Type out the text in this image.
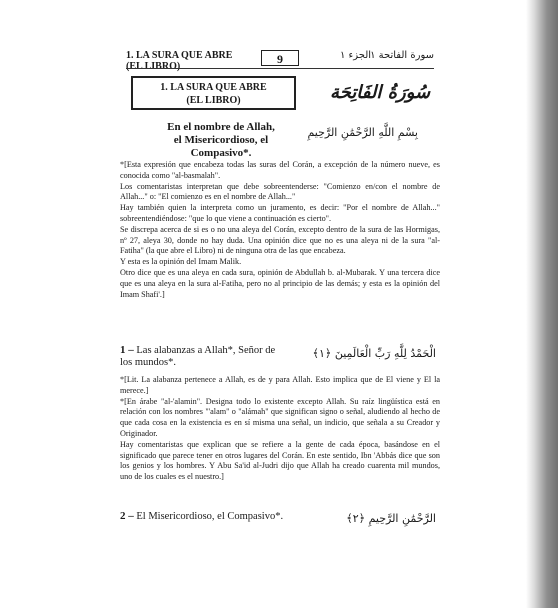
1. LA SURA QUE ABRE
(EL LIBRO)
9	الجزء ١ سورة الفاتحة ١
1. LA SURA QUE ABRE
(EL LIBRO)	سُورَةُ الفَاتِحَة
En el nombre de Allah,
el Misericordioso, el Compasivo*.
بِسْمِ اللَّهِ الرَّحْمَٰنِ الرَّحِيمِ

*[Esta expresión que encabeza todas las suras del Corán, a excepción de la número nueve, es conocida como "al-basmalah".

Los comentaristas interpretan que debe sobreentenderse: "Comienzo en/con el nombre de Allah..." o: "El comienzo es en el nombre de Allah..."

Hay también quien la interpreta como un juramento, es decir: "Por el nombre de Allah..." sobreentendiéndose: "que lo que viene a continuación es cierto".

Se discrepa acerca de si es o no una aleya del Corán, excepto dentro de la sura de las Hormigas, nº 27, aleya 30, donde no hay duda. Una opinión dice que no es una aleya ni de la sura "al-Fatiha" (la que abre el Libro) ni de ninguna otra de las que encabeza.

Y esta es la opinión del Imam Malik.

Otro dice que es una aleya en cada sura, opinión de Abdullah b. al-Mubarak. Y una tercera dice que es una aleya en la sura al-Fatiha, pero no al principio de las demás; y esta es la opinión del Imam Shafi'.]

1 – Las alabanzas a Allah*, Señor de
los mundos*.
الْحَمْدُ لِلَّهِ رَبِّ الْعَالَمِينَ ﴿١﴾

*[Lit. La alabanza pertenece a Allah, es de y para Allah. Esto implica que de El viene y El la merece.]

*[En árabe "al-'alamin". Designa todo lo existente excepto Allah. Su raíz lingüística está en relación con los nombres "'alam" o "alámah" que significan signo o señal, aludiendo al hecho de que cada cosa en la existencia es en sí misma una señal, un indicio, que señala a su Creador y Originador.

Hay comentaristas que explican que se refiere a la gente de cada época, basándose en el significado que parece tener en otros lugares del Corán. En este sentido, Ibn 'Abbás dice que son los genios y los hombres. Y Abu Sa'id al-Judri dijo que Allah ha creado cuarenta mil mundos, uno de los cuales es el nuestro.]

2 – El Misericordioso, el Compasivo*.	الرَّحْمَٰنِ الرَّحِيمِ ﴿٢﴾
